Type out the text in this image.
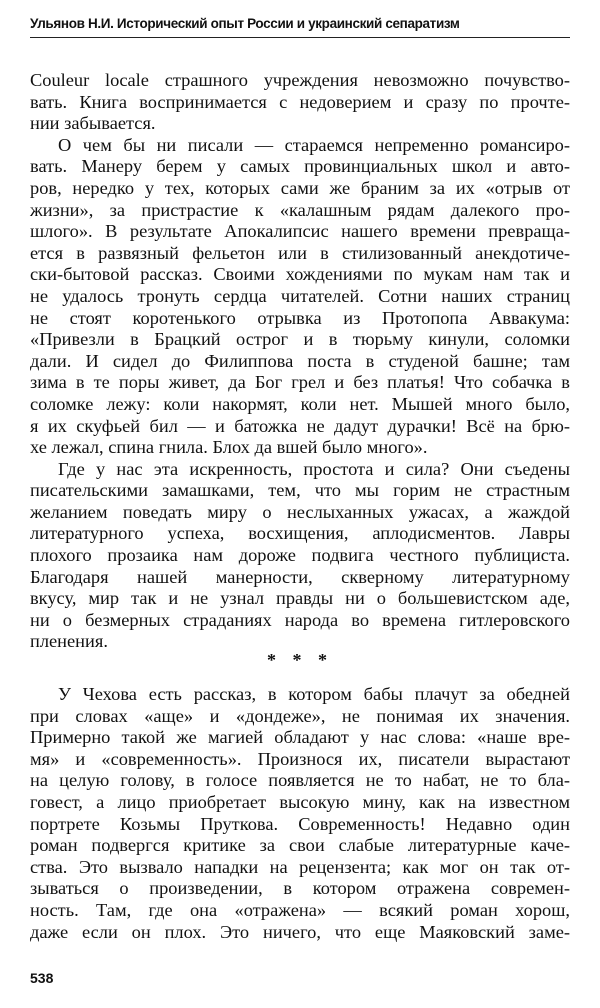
Ульянов Н.И. Исторический опыт России и украинский сепаратизм
Couleur locale страшного учреждения невозможно почувство-
вать. Книга воспринимается с недоверием и сразу по прочте-
нии забывается.
О чем бы ни писали — стараемся непременно романсиро-
вать. Манеру берем у самых провинциальных школ и авто-
ров, нередко у тех, которых сами же браним за их «отрыв от
жизни», за пристрастие к «калашным рядам далекого про-
шлого». В результате Апокалипсис нашего времени превраща-
ется в развязный фельетон или в стилизованный анекдотиче-
ски-бытовой рассказ. Своими хождениями по мукам нам так и
не удалось тронуть сердца читателей. Сотни наших страниц
не стоят коротенького отрывка из Протопопа Аввакума:
«Привезли в Брацкий острог и в тюрьму кинули, соломки
дали. И сидел до Филиппова поста в студеной башне; там
зима в те поры живет, да Бог грел и без платья! Что собачка в
соломке лежу: коли накормят, коли нет. Мышей много было,
я их скуфьей бил — и батожка не дадут дурачки! Всё на брю-
хе лежал, спина гнила. Блох да вшей было много».
Где у нас эта искренность, простота и сила? Они съедены
писательскими замашками, тем, что мы горим не страстным
желанием поведать миру о неслыханных ужасах, а жаждой
литературного успеха, восхищения, аплодисментов. Лавры
плохого прозаика нам дороже подвига честного публициста.
Благодаря нашей манерности, скверному литературному
вкусу, мир так и не узнал правды ни о большевистском аде,
ни о безмерных страданиях народа во времена гитлеровского
пленения.
* * *
У Чехова есть рассказ, в котором бабы плачут за обедней
при словах «аще» и «дондеже», не понимая их значения.
Примерно такой же магией обладают у нас слова: «наше вре-
мя» и «современность». Произнося их, писатели вырастают
на целую голову, в голосе появляется не то набат, не то бла-
говест, а лицо приобретает высокую мину, как на известном
портрете Козьмы Пруткова. Современность! Недавно один
роман подвергся критике за свои слабые литературные каче-
ства. Это вызвало нападки на рецензента; как мог он так от-
зываться о произведении, в котором отражена современ-
ность. Там, где она «отражена» — всякий роман хорош,
даже если он плох. Это ничего, что еще Маяковский заме-
538
